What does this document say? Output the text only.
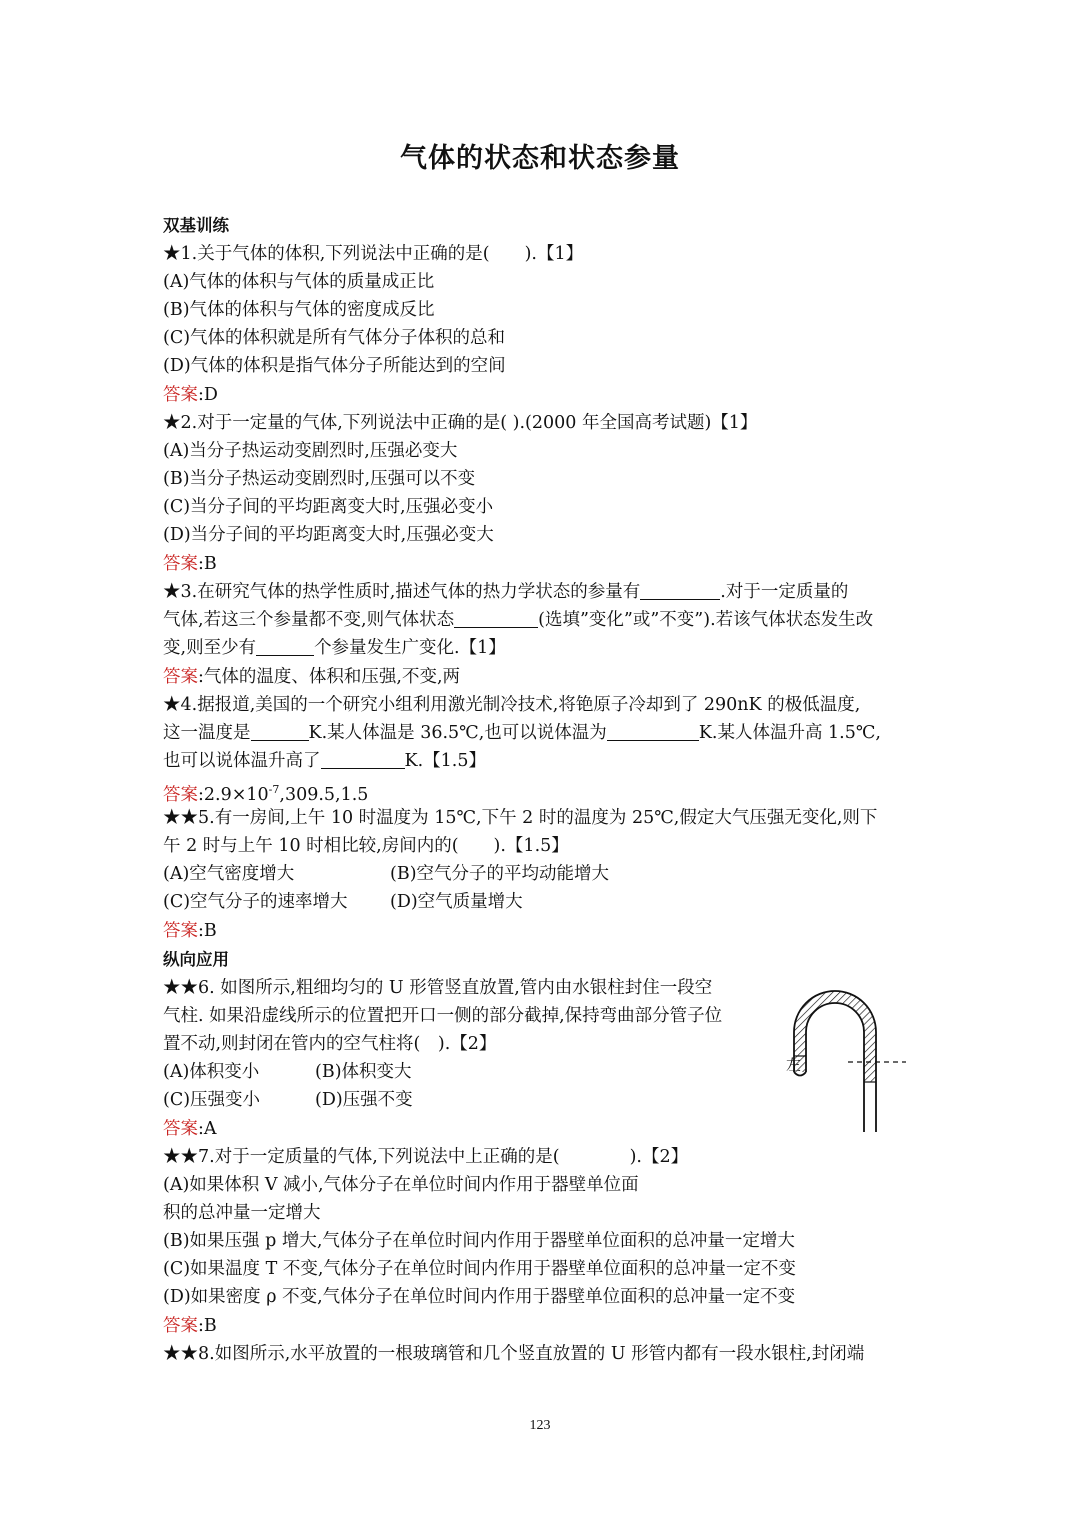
气体的状态和状态参量
双基训练
★1.关于气体的体积,下列说法中正确的是(　　).【1】
(A)气体的体积与气体的质量成正比
(B)气体的体积与气体的密度成反比
(C)气体的体积就是所有气体分子体积的总和
(D)气体的体积是指气体分子所能达到的空间
答案:D
★2.对于一定量的气体,下列说法中正确的是( ).(2000 年全国高考试题)【1】
(A)当分子热运动变剧烈时,压强必变大
(B)当分子热运动变剧烈时,压强可以不变
(C)当分子间的平均距离变大时,压强必变小
(D)当分子间的平均距离变大时,压强必变大
答案:B
★3.在研究气体的热学性质时,描述气体的热力学状态的参量有	.对于一定质量的
气体,若这三个参量都不变,则气体状态	(选填”变化”或”不变”).若该气体状态发生改
变,则至少有	个参量发生广变化.【1】
答案:气体的温度、体积和压强,不变,两
★4.据报道,美国的一个研究小组利用激光制冷技术,将铯原子冷却到了 290nK 的极低温度,
这一温度是	K.某人体温是 36.5℃,也可以说体温为	K.某人体温升高 1.5℃,
也可以说体温升高了	K.【1.5】
答案$:2.9\times 10^{-7},309.5,1.5$
★★5.有一房间,上午 10 时温度为 15℃,下午 2 时的温度为 25℃,假定大气压强无变化,则下
午 2 时与上午 10 时相比较,房间内的(　　).【1.5】
(A)空气密度增大	(B)空气分子的平均动能增大
(C)空气分子的速率增大 (D)空气质量增大
答案:B
纵向应用
★★6. 如图所示,粗细均匀的 U 形管竖直放置,管内由水银柱封住一段空
气柱. 如果沿虚线所示的位置把开口一侧的部分截掉,保持弯曲部分管子位
置不动,则封闭在管内的空气柱将(　).【2】
(A)体积变小	(B)体积变大
(C)压强变小	(D)压强不变
答案:A
左
★★7.对于一定质量的气体,下列说法中上正确的是(　　　　).【2】
(A)如果体积 V 减小,气体分子在单位时间内作用于器壁单位面
积的总冲量一定增大
(B)如果压强 p 增大,气体分子在单位时间内作用于器壁单位面积的总冲量一定增大
(C)如果温度 T 不变,气体分子在单位时间内作用于器壁单位面积的总冲量一定不变
(D)如果密度 ρ 不变,气体分子在单位时间内作用于器壁单位面积的总冲量一定不变
答案:B
★★8.如图所示,水平放置的一根玻璃管和几个竖直放置的 U 形管内都有一段水银柱,封闭端
123
